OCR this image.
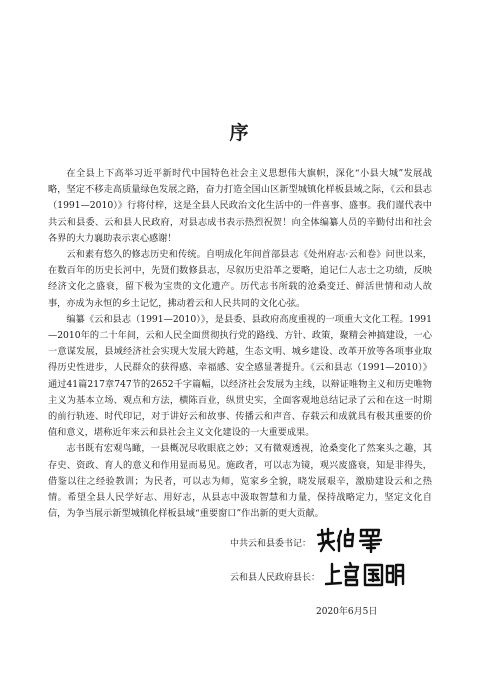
序

在全县上下高举习近平新时代中国特色社会主义思想伟大旗帜，深化“小县大城”发展战略，坚定不移走高质量绿色发展之路，奋力打造全国山区新型城镇化样板县域之际，《云和县志（1991—2010）》行将付梓，这是全县人民政治文化生活中的一件喜事、盛事。我们谨代表中共云和县委、云和县人民政府，对县志成书表示热烈祝贺！向全体编纂人员的辛勤付出和社会各界的大力襄助表示衷心感谢！

云和素有悠久的修志历史和传统。自明成化年间首部县志《处州府志·云和卷》问世以来，在数百年的历史长河中，先贤们数修县志，尽叙历史沿革之要略，追记仁人志士之功绩，反映经济文化之盛衰，留下极为宝贵的文化遗产。历代志书所载的沧桑变迁、鲜活世情和动人故事，亦成为永恒的乡土记忆，拂动着云和人民共同的文化心弦。

编纂《云和县志（1991—2010）》，是县委、县政府高度重视的一项重大文化工程。1991—2010年的二十年间，云和人民全面贯彻执行党的路线、方针、政策，聚精会神搞建设，一心一意谋发展，县域经济社会实现大发展大跨越，生态文明、城乡建设、改革开放等各项事业取得历史性进步，人民群众的获得感、幸福感、安全感显著提升。《云和县志（1991—2010）》通过41篇217章747节的2652千字篇幅，以经济社会发展为主线，以辩证唯物主义和历史唯物主义为基本立场、观点和方法，横陈百业，纵贯史实，全面客观地总结记录了云和在这一时期的前行轨迹、时代印记，对于讲好云和故事、传播云和声音、存载云和成就具有极其重要的价值和意义，堪称近年来云和县社会主义文化建设的一大重要成果。

志书既有宏观鸟瞰，一县概况尽收眼底之妙；又有微观透视，沧桑变化了然案头之趣，其存史、资政、育人的意义和作用显而易见。施政者，可以志为镜，观兴废盛衰，知是非得失，借鉴以往之经验教训；为民者，可以志为师，览家乡全貌，晓发展艰辛，激励建设云和之热情。希望全县人民学好志、用好志，从县志中汲取智慧和力量，保持战略定力，坚定文化自信，为争当展示新型城镇化样板县域“重要窗口”作出新的更大贡献。

中共云和县委书记：
云和县人民政府县长：
2020年6月5日
